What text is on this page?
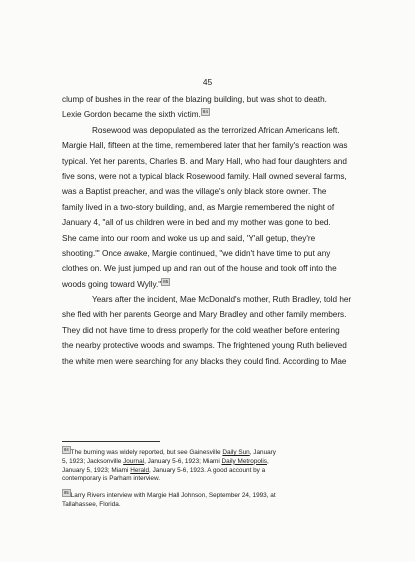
45
clump of bushes in the rear of the blazing building, but was shot to death.
Lexie Gordon became the sixth victim. 84
Rosewood was depopulated as the terrorized African Americans left.
Margie Hall, fifteen at the time, remembered later that her family's reaction was
typical. Yet her parents, Charles B. and Mary Hall, who had four daughters and
five sons, were not a typical black Rosewood family. Hall owned several farms,
was a Baptist preacher, and was the village's only black store owner. The
family lived in a two-story building, and, as Margie remembered the night of
January 4, "all of us children were in bed and my mother was gone to bed.
She came into our room and woke us up and said, 'Y'all getup, they're
shooting."' Once awake, Margie continued, "we didn't have time to put any
clothes on. We just jumped up and ran out of the house and took off into the
woods going toward Wylly." 85
Years after the incident, Mae McDonald's mother, Ruth Bradley, told her
she fled with her parents George and Mary Bradley and other family members.
They did not have time to dress properly for the cold weather before entering
the nearby protective woods and swamps. The frightened young Ruth believed
the white men were searching for any blacks they could find. According to Mae
84 The burning was widely reported, but see Gainesville Daily Sun, January
5, 1923; Jacksonville Journal, January 5-6, 1923; Miami Daily Metropolis,
January 5, 1923; Miami Herald, January 5-6, 1923. A good account by a
contemporary is Parham interview.
85 Larry Rivers interview with Margie Hall Johnson, September 24, 1993, at
Tallahassee, Florida.
